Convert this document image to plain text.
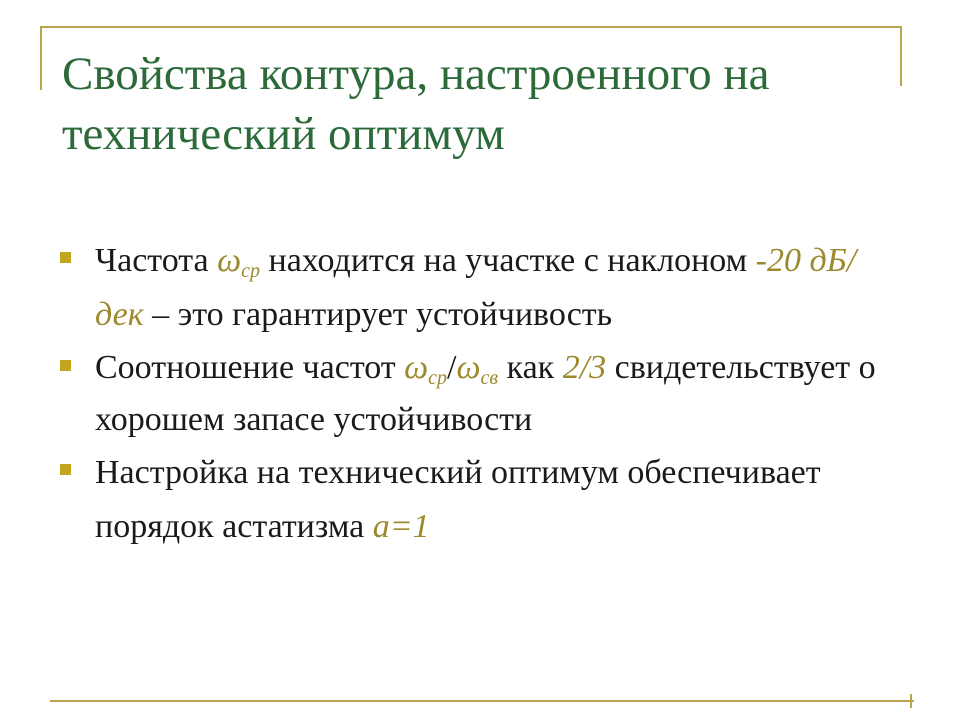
Свойства контура, настроенного на технический оптимум
Частота $\omega_{ср}$ находится на участке с наклоном -20 дБ/дек – это гарантирует устойчивость
Соотношение частот $\omega_{ср}/\omega_{св}$ как 2/3 свидетельствует о хорошем запасе устойчивости
Настройка на технический оптимум обеспечивает порядок астатизма a=1
